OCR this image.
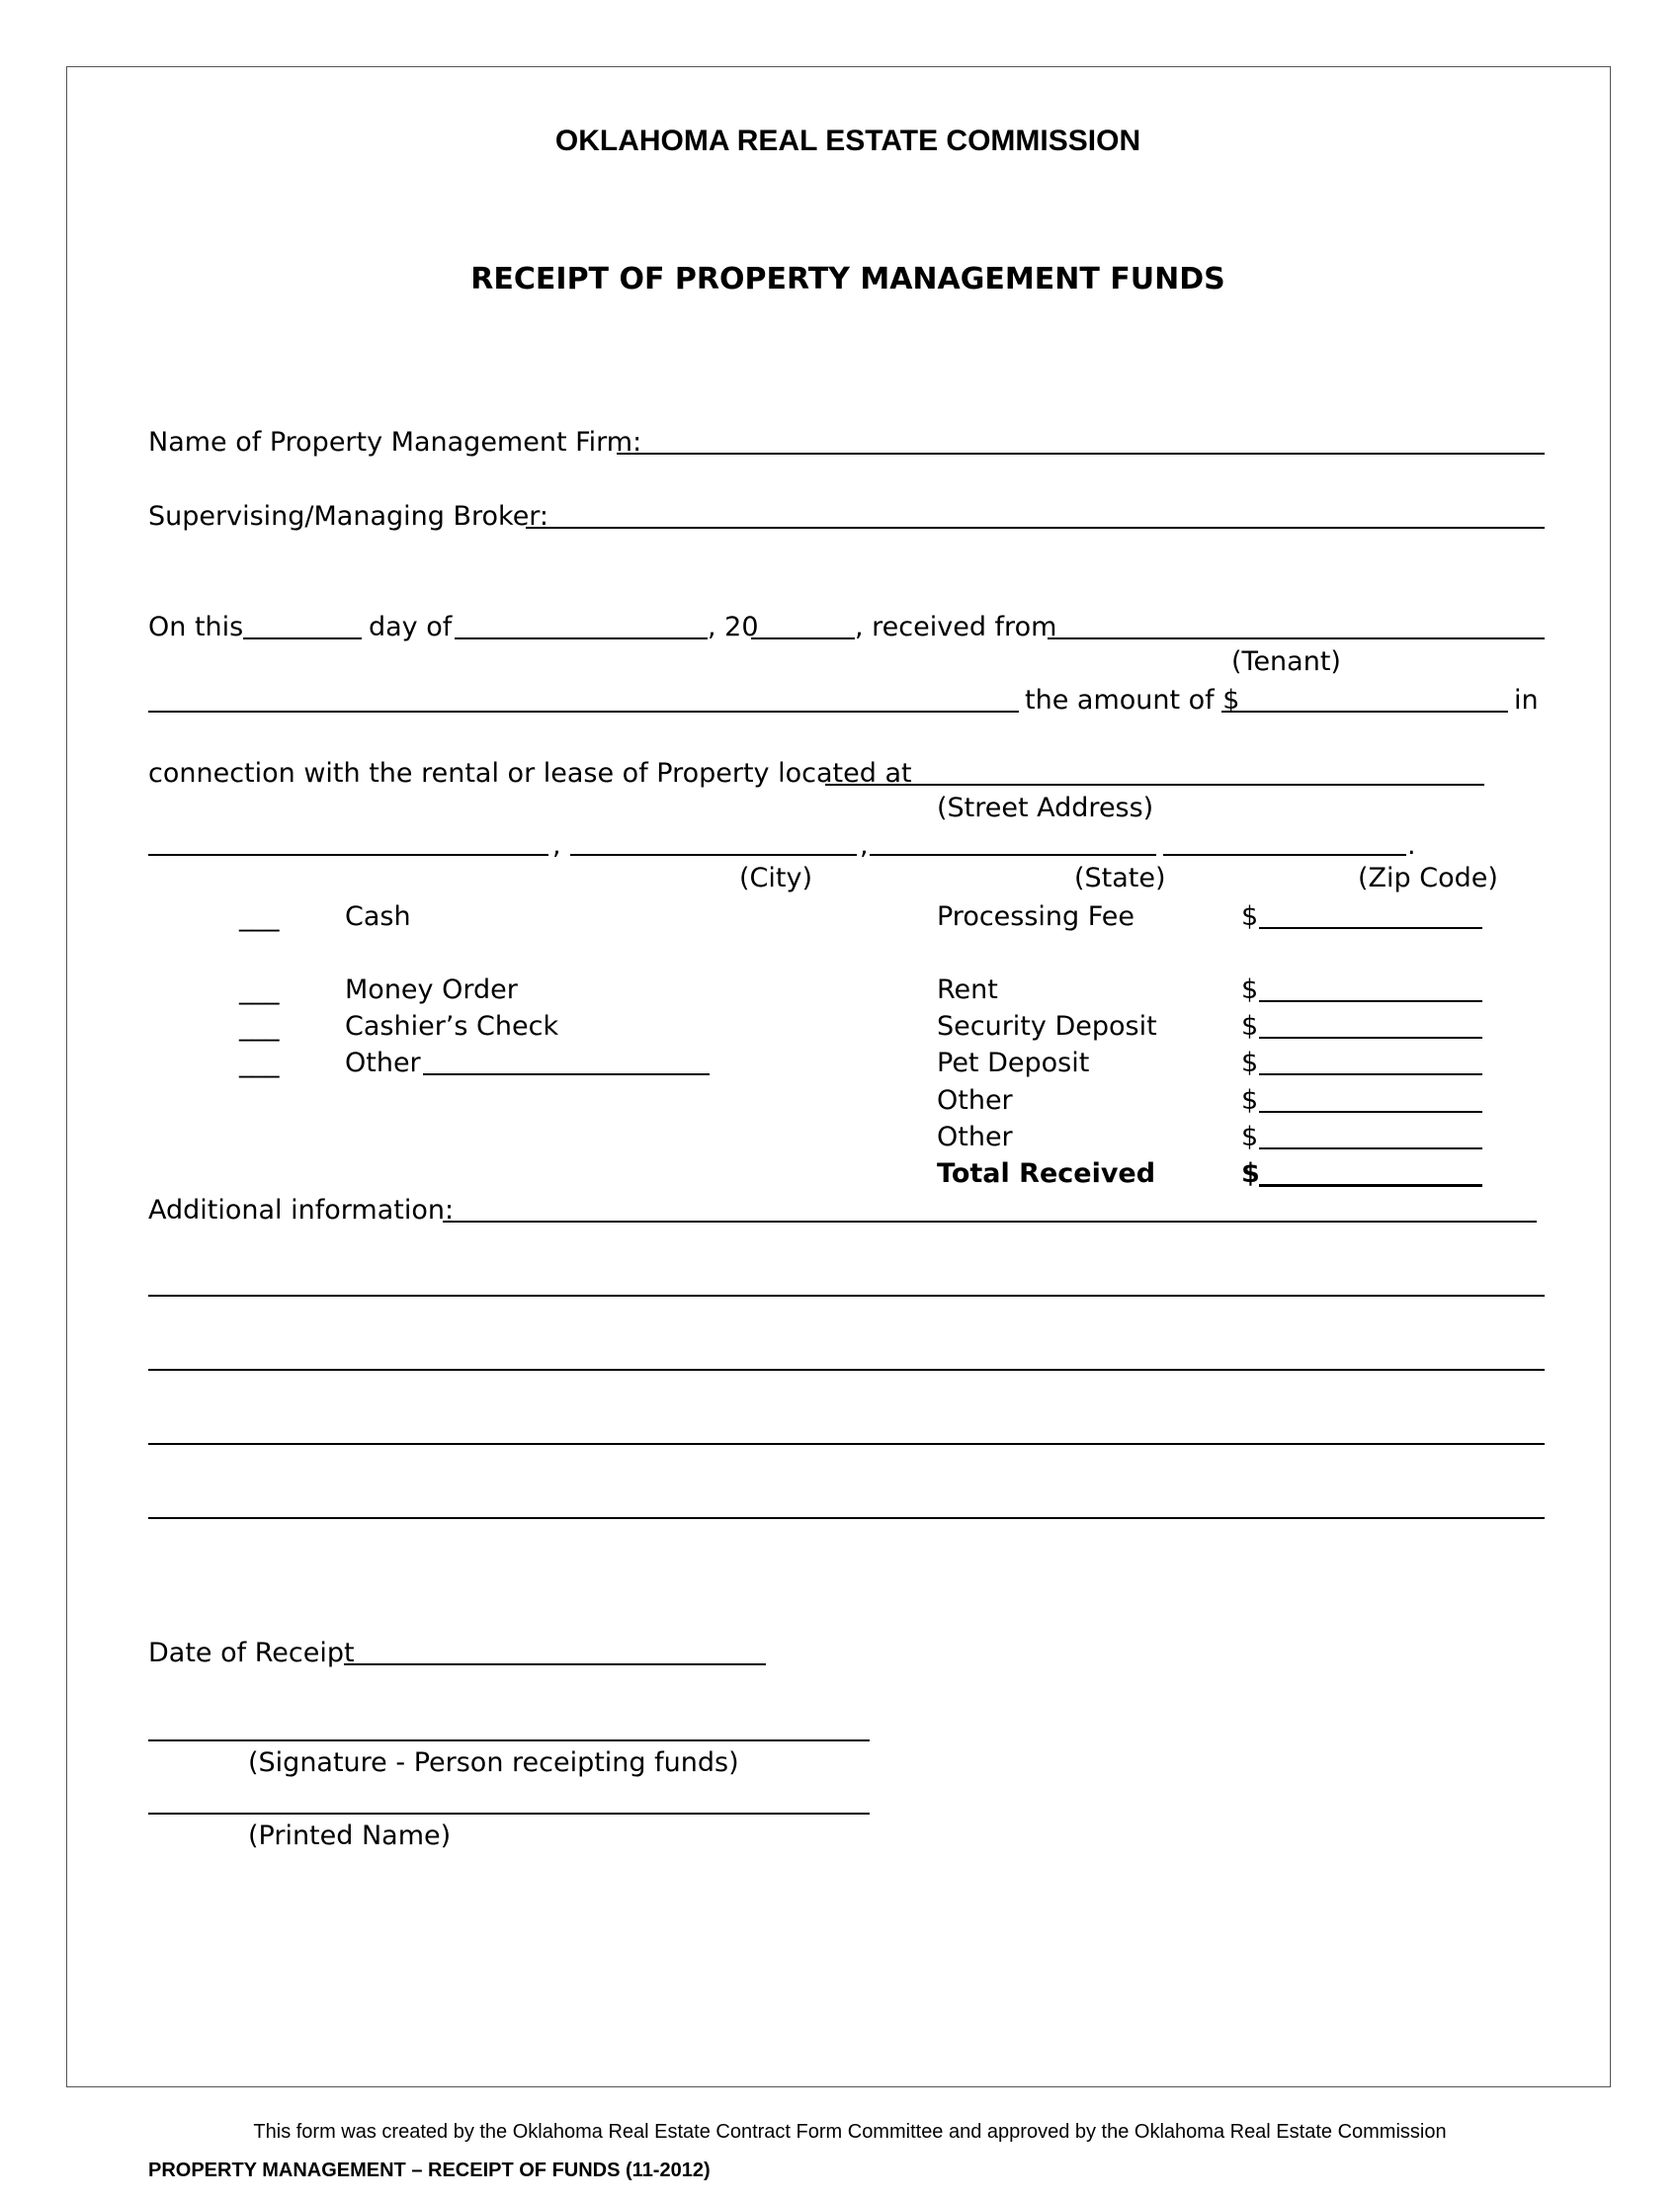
OKLAHOMA REAL ESTATE COMMISSION
RECEIPT OF PROPERTY MANAGEMENT FUNDS
Name of Property Management Firm:
Supervising/Managing Broker:
On this	day of	, 20	, received from
(Tenant)
the amount of $	in
connection with the rental or lease of Property located at
(Street Address)
,	,	.
(City)	(State)	(Zip Code)
___ Cash
___ Money Order
___ Cashier’s Check
___ Other
Processing Fee	$
Rent	$
Security Deposit	$
Pet Deposit	$
Other	$
Other	$
Total Received	$
Additional information:
Date of Receipt
(Signature - Person receipting funds)
(Printed Name)
This form was created by the Oklahoma Real Estate Contract Form Committee and approved by the Oklahoma Real Estate Commission
PROPERTY MANAGEMENT – RECEIPT OF FUNDS (11-2012)
